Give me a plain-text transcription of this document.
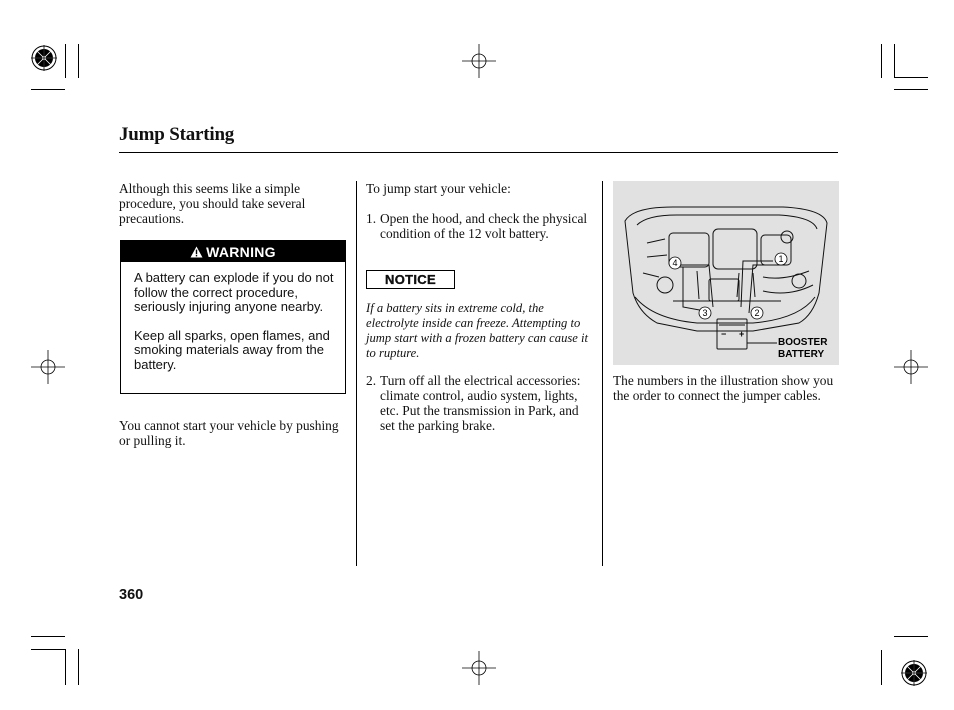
Jump Starting
Although this seems like a simple procedure, you should take several precautions.
WARNING

A battery can explode if you do not follow the correct procedure, seriously injuring anyone nearby.

Keep all sparks, open flames, and smoking materials away from the battery.

You cannot start your vehicle by pushing or pulling it.
To jump start your vehicle:
1. Open the hood, and check the physical condition of the 12 volt battery.
NOTICE
If a battery sits in extreme cold, the electrolyte inside can freeze. Attempting to jump start with a frozen battery can cause it to rupture.
2. Turn off all the electrical accessories: climate control, audio system, lights, etc. Put the transmission in Park, and set the parking brake.
− +
1
2
3
4
BOOSTER
BATTERY
The numbers in the illustration show you the order to connect the jumper cables.
360
